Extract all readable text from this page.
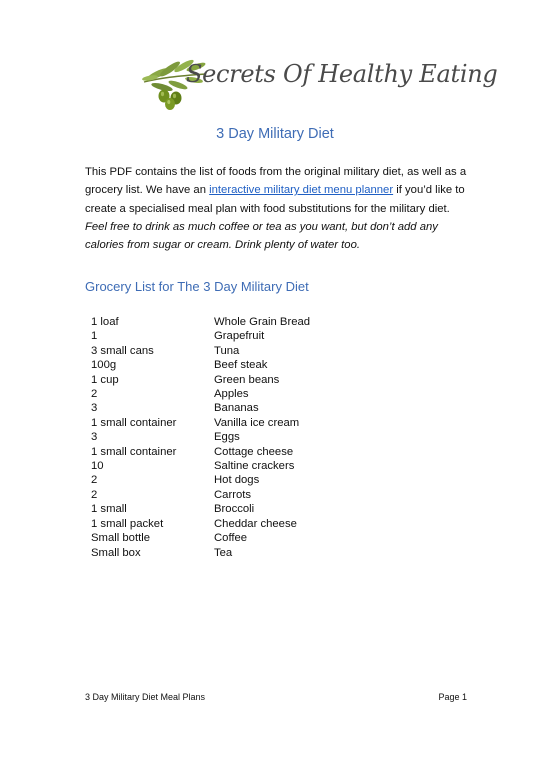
Secrets Of Healthy Eating
3 Day Military Diet

This PDF contains the list of foods from the original military diet, as well as a grocery list. We have an interactive military diet menu planner if you’d like to create a specialised meal plan with food substitutions for the military diet.

Feel free to drink as much coffee or tea as you want, but don’t add any calories from sugar or cream. Drink plenty of water too.

Grocery List for The 3 Day Military Diet
1 loaf	Whole Grain Bread
1	Grapefruit
3 small cans	Tuna
100g	Beef steak
1 cup	Green beans
2	Apples
3	Bananas
1 small container	Vanilla ice cream
3	Eggs
1 small container	Cottage cheese
10	Saltine crackers
2	Hot dogs
2	Carrots
1 small	Broccoli
1 small packet	Cheddar cheese
Small bottle	Coffee
Small box	Tea
3 Day Military Diet Meal Plans	Page 1
